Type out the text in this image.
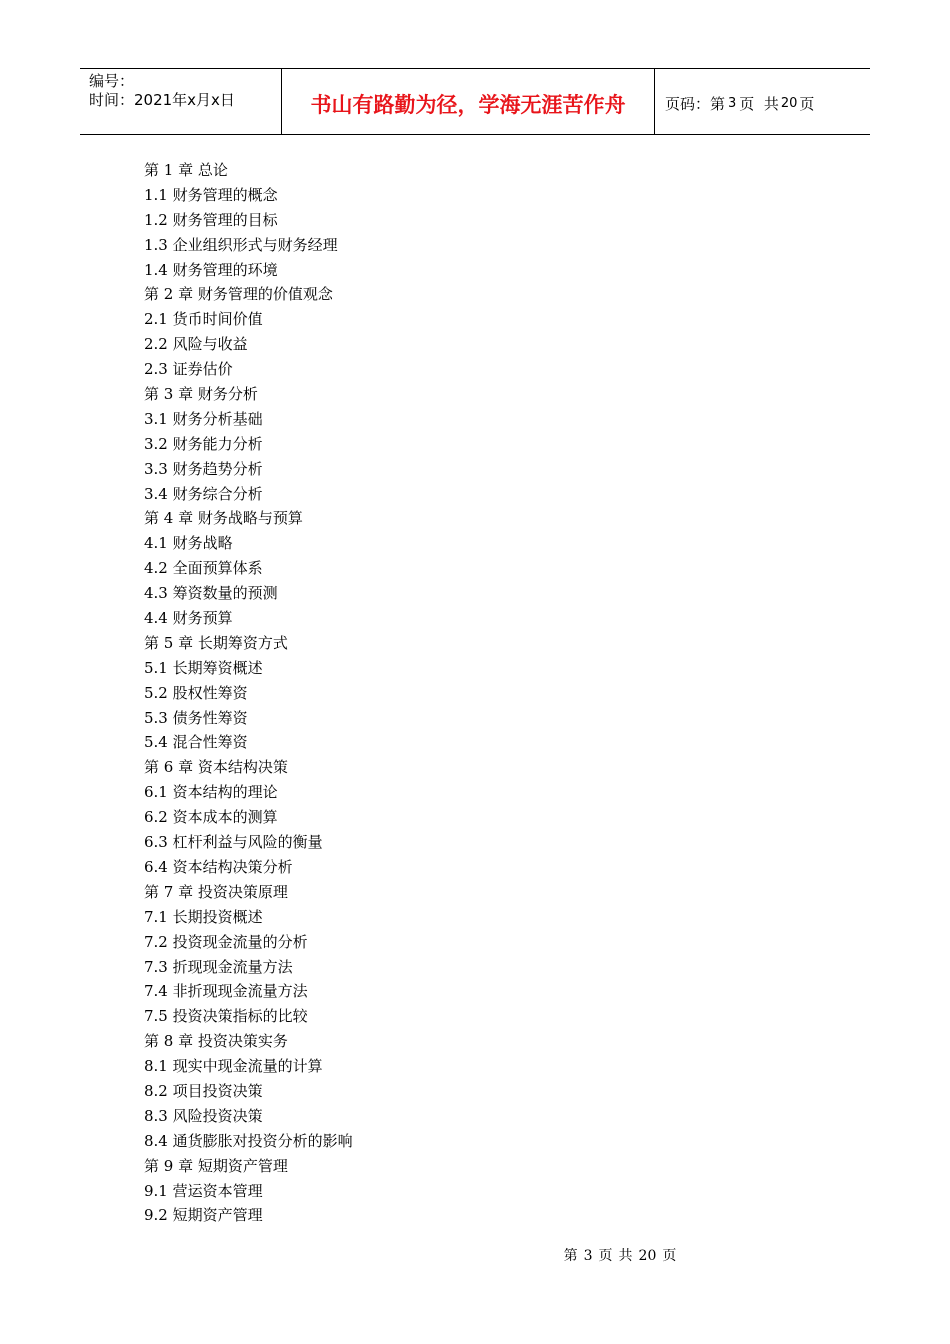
编号：
时间：2021年x月x日	书山有路勤为径，学海无涯苦作舟	页码：第 3 页  共 20 页
第 1 章 总论
1.1 财务管理的概念
1.2 财务管理的目标
1.3 企业组织形式与财务经理
1.4 财务管理的环境
第 2 章 财务管理的价值观念
2.1 货币时间价值
2.2 风险与收益
2.3 证券估价
第 3 章 财务分析
3.1 财务分析基础
3.2 财务能力分析
3.3 财务趋势分析
3.4 财务综合分析
第 4 章 财务战略与预算
4.1 财务战略
4.2 全面预算体系
4.3 筹资数量的预测
4.4 财务预算
第 5 章 长期筹资方式
5.1 长期筹资概述
5.2 股权性筹资
5.3 债务性筹资
5.4 混合性筹资
第 6 章 资本结构决策
6.1 资本结构的理论
6.2 资本成本的测算
6.3 杠杆利益与风险的衡量
6.4 资本结构决策分析
第 7 章 投资决策原理
7.1 长期投资概述
7.2 投资现金流量的分析
7.3 折现现金流量方法
7.4 非折现现金流量方法
7.5 投资决策指标的比较
第 8 章 投资决策实务
8.1 现实中现金流量的计算
8.2 项目投资决策
8.3 风险投资决策
8.4 通货膨胀对投资分析的影响
第 9 章 短期资产管理
9.1 营运资本管理
9.2 短期资产管理
第 3 页 共 20 页
